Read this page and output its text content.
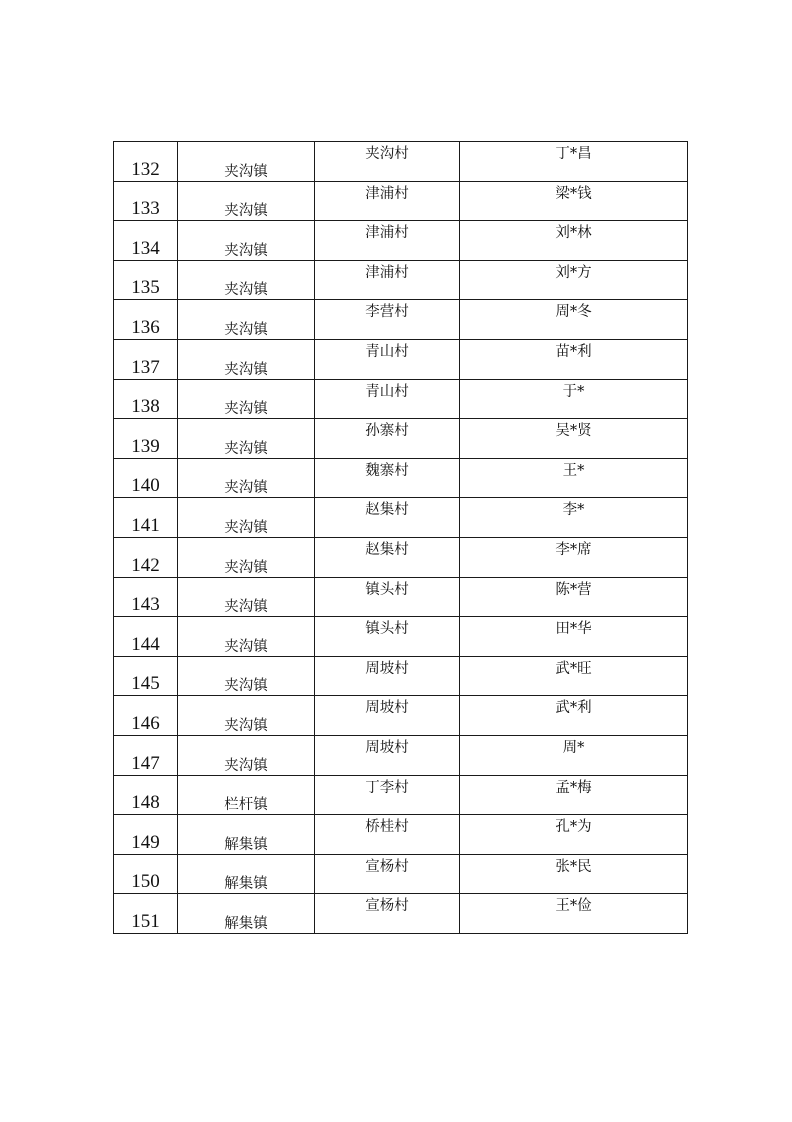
132	夹沟镇	夹沟村	丁*昌
133	夹沟镇	津浦村	梁*钱
134	夹沟镇	津浦村	刘*林
135	夹沟镇	津浦村	刘*方
136	夹沟镇	李营村	周*冬
137	夹沟镇	青山村	苗*利
138	夹沟镇	青山村	于*
139	夹沟镇	孙寨村	吴*贤
140	夹沟镇	魏寨村	王*
141	夹沟镇	赵集村	李*
142	夹沟镇	赵集村	李*席
143	夹沟镇	镇头村	陈*营
144	夹沟镇	镇头村	田*华
145	夹沟镇	周坡村	武*旺
146	夹沟镇	周坡村	武*利
147	夹沟镇	周坡村	周*
148	栏杆镇	丁李村	孟*梅
149	解集镇	桥桂村	孔*为
150	解集镇	宣杨村	张*民
151	解集镇	宣杨村	王*俭
